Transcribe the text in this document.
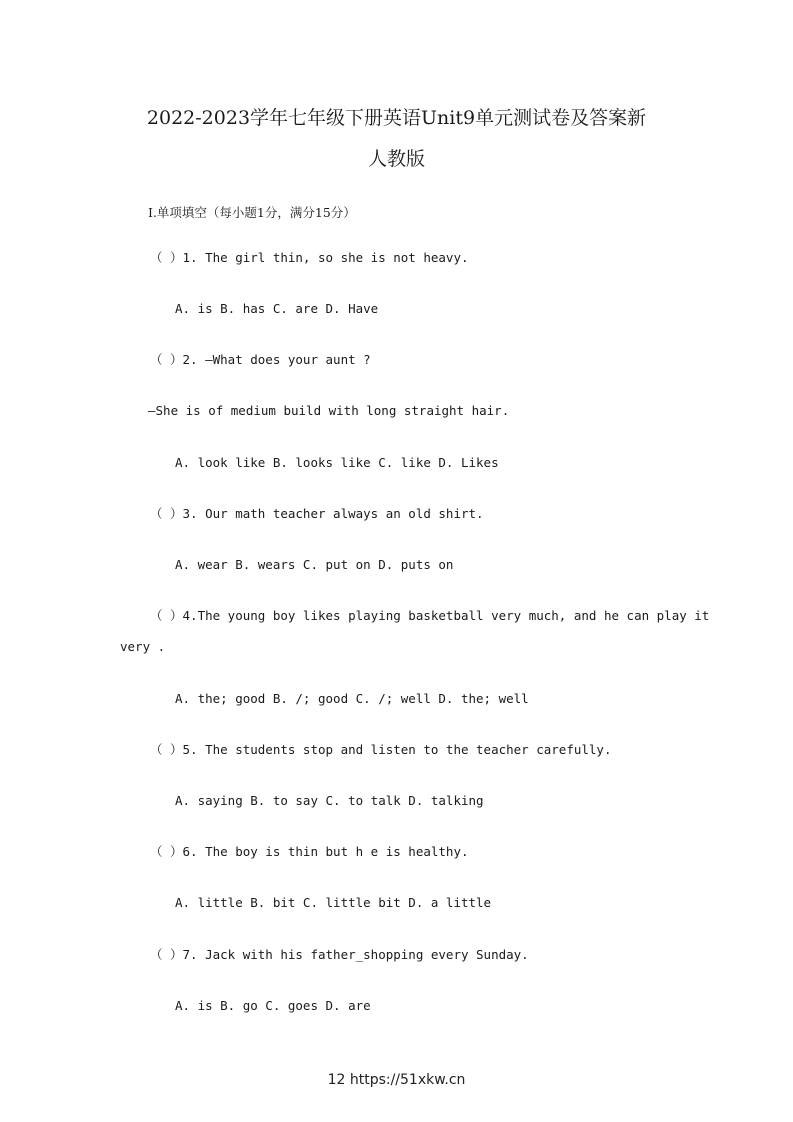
2022-2023学年七年级下册英语Unit9单元测试卷及答案新
人教版
I.单项填空（每小题1分，满分15分）
（ ）1. The girl thin, so she is not heavy.
A. is B. has C. are D. Have
（ ）2. —What does your aunt ?
—She is of medium build with long straight hair.
A. look like B. looks like C. like D. Likes
（ ）3. Our math teacher always an old shirt.
A. wear B. wears C. put on D. puts on
（ ）4.The young boy likes playing basketball very much, and he can play it
very .
A. the; good B. /; good C. /; well D. the; well
（ ）5. The students stop and listen to the teacher carefully.
A. saying B. to say C. to talk D. talking
（ ）6. The boy is thin but h e is healthy.
A. little B. bit C. little bit D. a little
（ ）7. Jack with his father_shopping every Sunday.
A. is B. go C. goes D. are
12 https://51xkw.cn
